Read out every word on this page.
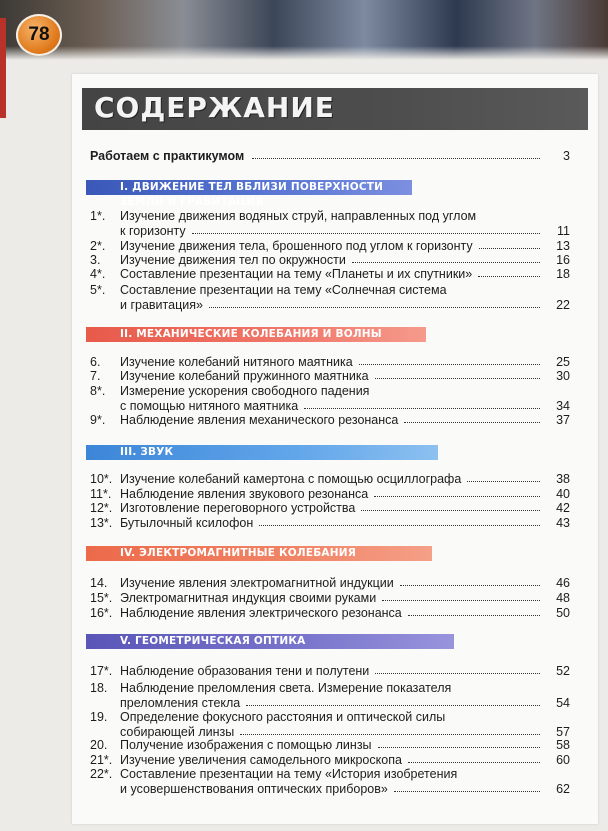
78
СОДЕРЖАНИЕ
Работаем с практикумом	3
I. ДВИЖЕНИЕ ТЕЛ ВБЛИЗИ ПОВЕРХНОСТИ ЗЕМЛИ И ГРАВИТАЦИЯ
1*. Изучение движения водяных струй, направленных под углом
к горизонту	11
2*. Изучение движения тела, брошенного под углом к горизонту	13
3. Изучение движения тел по окружности	16
4*. Составление презентации на тему «Планеты и их спутники»	18
5*. Составление презентации на тему «Солнечная система
и гравитация»	22
II. МЕХАНИЧЕСКИЕ КОЛЕБАНИЯ И ВОЛНЫ
6. Изучение колебаний нитяного маятника	25
7. Изучение колебаний пружинного маятника	30
8*. Измерение ускорения свободного падения
с помощью нитяного маятника	34
9*. Наблюдение явления механического резонанса	37
III. ЗВУК
10*. Изучение колебаний камертона с помощью осциллографа	38
11*. Наблюдение явления звукового резонанса	40
12*. Изготовление переговорного устройства	42
13*. Бутылочный ксилофон	43
IV. ЭЛЕКТРОМАГНИТНЫЕ КОЛЕБАНИЯ
14. Изучение явления электромагнитной индукции	46
15*. Электромагнитная индукция своими руками	48
16*. Наблюдение явления электрического резонанса	50
V. ГЕОМЕТРИЧЕСКАЯ ОПТИКА
17*. Наблюдение образования тени и полутени	52
18. Наблюдение преломления света. Измерение показателя
преломления стекла	54
19. Определение фокусного расстояния и оптической силы
собирающей линзы	57
20. Получение изображения с помощью линзы	58
21*. Изучение увеличения самодельного микроскопа	60
22*. Составление презентации на тему «История изобретения
и усовершенствования оптических приборов»	62
